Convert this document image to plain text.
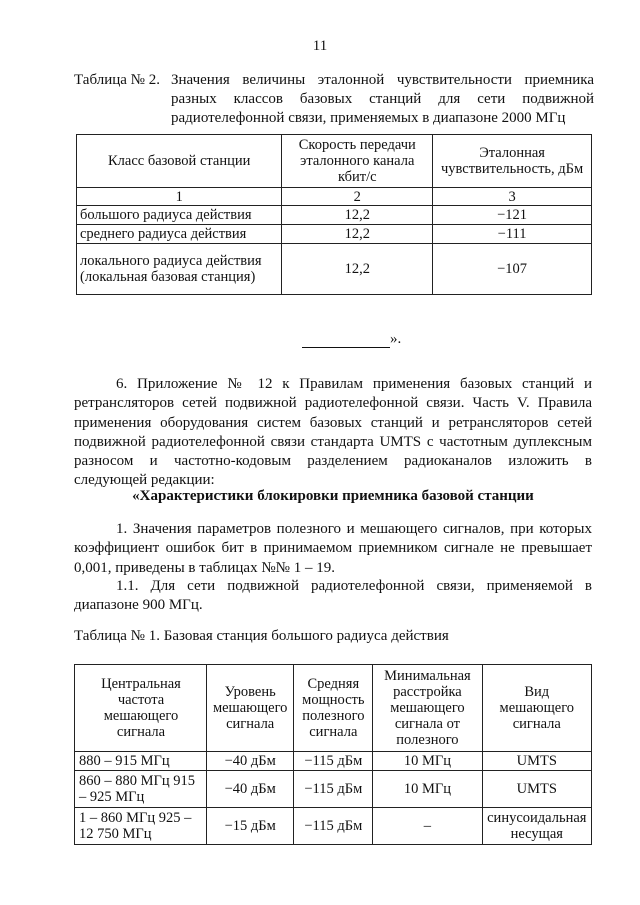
11
Таблица № 2. Значения величины эталонной чувствительности приемника разных классов базовых станций для сети подвижной радиотелефонной связи, применяемых в диапазоне 2000 МГц
Класс базовой станции	Скорость передачи эталонного канала кбит/с	Эталонная чувствительность, дБм
1	2	3
большого радиуса действия	12,2	−121
среднего радиуса действия	12,2	−111
локального радиуса действия (локальная базовая станция)	12,2	−107
».
6. Приложение № 12 к Правилам применения базовых станций и ретрансляторов сетей подвижной радиотелефонной связи. Часть V. Правила применения оборудования систем базовых станций и ретрансляторов сетей подвижной радиотелефонной связи стандарта UMTS с частотным дуплексным разносом и частотно-кодовым разделением радиоканалов изложить в следующей редакции:
«Характеристики блокировки приемника базовой станции
1. Значения параметров полезного и мешающего сигналов, при которых коэффициент ошибок бит в принимаемом приемником сигнале не превышает 0,001, приведены в таблицах №№ 1 – 19.
1.1. Для сети подвижной радиотелефонной связи, применяемой в диапазоне 900 МГц.
Таблица № 1. Базовая станция большого радиуса действия
Центральная частота мешающего сигнала	Уровень мешающего сигнала	Средняя мощность полезного сигнала	Минимальная расстройка мешающего сигнала от полезного	Вид мешающего сигнала
880 – 915 МГц	−40 дБм	−115 дБм	10 МГц	UMTS
860 – 880 МГц 915 – 925 МГц	−40 дБм	−115 дБм	10 МГц	UMTS
1 – 860 МГц 925 – 12 750 МГц	−15 дБм	−115 дБм	–	синусоидальная несущая
